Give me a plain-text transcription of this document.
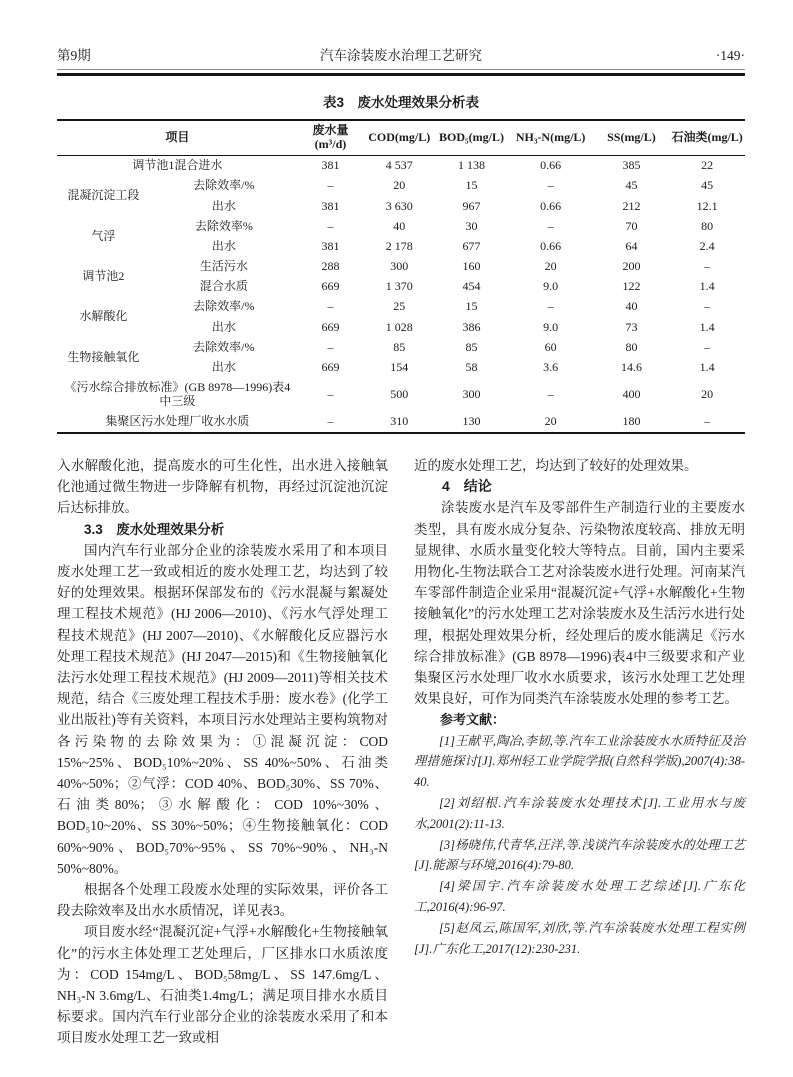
第9期	汽车涂装废水治理工艺研究	·149·
表3　废水处理效果分析表
项目		废水量(m³/d)	COD(mg/L)	BOD₅(mg/L)	NH₃-N(mg/L)	SS(mg/L)	石油类(mg/L)
调节池1混合进水		381	4 537	1 138	0.66	385	22
混凝沉淀工段	去除效率/%	–	20	15	–	45	45
	出水	381	3 630	967	0.66	212	12.1
气浮	去除效率%	–	40	30	–	70	80
	出水	381	2 178	677	0.66	64	2.4
调节池2	生活污水	288	300	160	20	200	–
	混合水质	669	1 370	454	9.0	122	1.4
水解酸化	去除效率/%	–	25	15	–	40	–
	出水	669	1 028	386	9.0	73	1.4
生物接触氧化	去除效率/%	–	85	85	60	80	–
	出水	669	154	58	3.6	14.6	1.4
《污水综合排放标准》(GB 8978—1996)表4中三级		–	500	300	–	400	20
集聚区污水处理厂收水水质		–	310	130	20	180	–

入水解酸化池，提高废水的可生化性，出水进入接触氧化池通过微生物进一步降解有机物，再经过沉淀池沉淀后达标排放。

3.3　废水处理效果分析

国内汽车行业部分企业的涂装废水采用了和本项目废水处理工艺一致或相近的废水处理工艺，均达到了较好的处理效果。根据环保部发布的《污水混凝与絮凝处理工程技术规范》(HJ 2006—2010)、《污水气浮处理工程技术规范》(HJ 2007—2010)、《水解酸化反应器污水处理工程技术规范》(HJ 2047—2015)和《生物接触氧化法污水处理工程技术规范》(HJ 2009—2011)等相关技术规范，结合《三废处理工程技术手册：废水卷》(化学工业出版社)等有关资料，本项目污水处理站主要构筑物对各污染物的去除效果为：①混凝沉淀：COD 15%~25%、BOD₅10%~20%、SS 40%~50%、石油类40%~50%；②气浮：COD 40%、BOD₅30%、SS 70%、石油类80%；③水解酸化：COD 10%~30%、BOD₅10~20%、SS 30%~50%；④生物接触氧化：COD 60%~90%、BOD₅70%~95%、SS 70%~90%、NH₃-N 50%~80%。

根据各个处理工段废水处理的实际效果，评价各工段去除效率及出水水质情况，详见表3。

项目废水经“混凝沉淀+气浮+水解酸化+生物接触氧化”的污水主体处理工艺处理后，厂区排水口水质浓度为：COD 154mg/L、BOD₅58mg/L、SS 147.6mg/L、NH₃-N 3.6mg/L、石油类1.4mg/L；满足项目排水水质目标要求。国内汽车行业部分企业的涂装废水采用了和本项目废水处理工艺一致或相

近的废水处理工艺，均达到了较好的处理效果。

4　结论

涂装废水是汽车及零部件生产制造行业的主要废水类型，具有废水成分复杂、污染物浓度较高、排放无明显规律、水质水量变化较大等特点。目前，国内主要采用物化-生物法联合工艺对涂装废水进行处理。河南某汽车零部件制造企业采用“混凝沉淀+气浮+水解酸化+生物接触氧化”的污水处理工艺对涂装废水及生活污水进行处理，根据处理效果分析，经处理后的废水能满足《污水综合排放标准》(GB 8978—1996)表4中三级要求和产业集聚区污水处理厂收水水质要求，该污水处理工艺处理效果良好，可作为同类汽车涂装废水处理的参考工艺。

参考文献：

[1]王献平,陶冶,李韧,等.汽车工业涂装废水水质特征及治理措施探讨[J].郑州轻工业学院学报(自然科学版),2007(4):38-40.

[2]刘绍根.汽车涂装废水处理技术[J].工业用水与废水,2001(2):11-13.

[3]杨晓伟,代青华,汪洋,等.浅谈汽车涂装废水的处理工艺[J].能源与环境,2016(4):79-80.

[4]梁国宇.汽车涂装废水处理工艺综述[J].广东化工,2016(4):96-97.

[5]赵凤云,陈国军,刘欣,等.汽车涂装废水处理工程实例[J].广东化工,2017(12):230-231.
